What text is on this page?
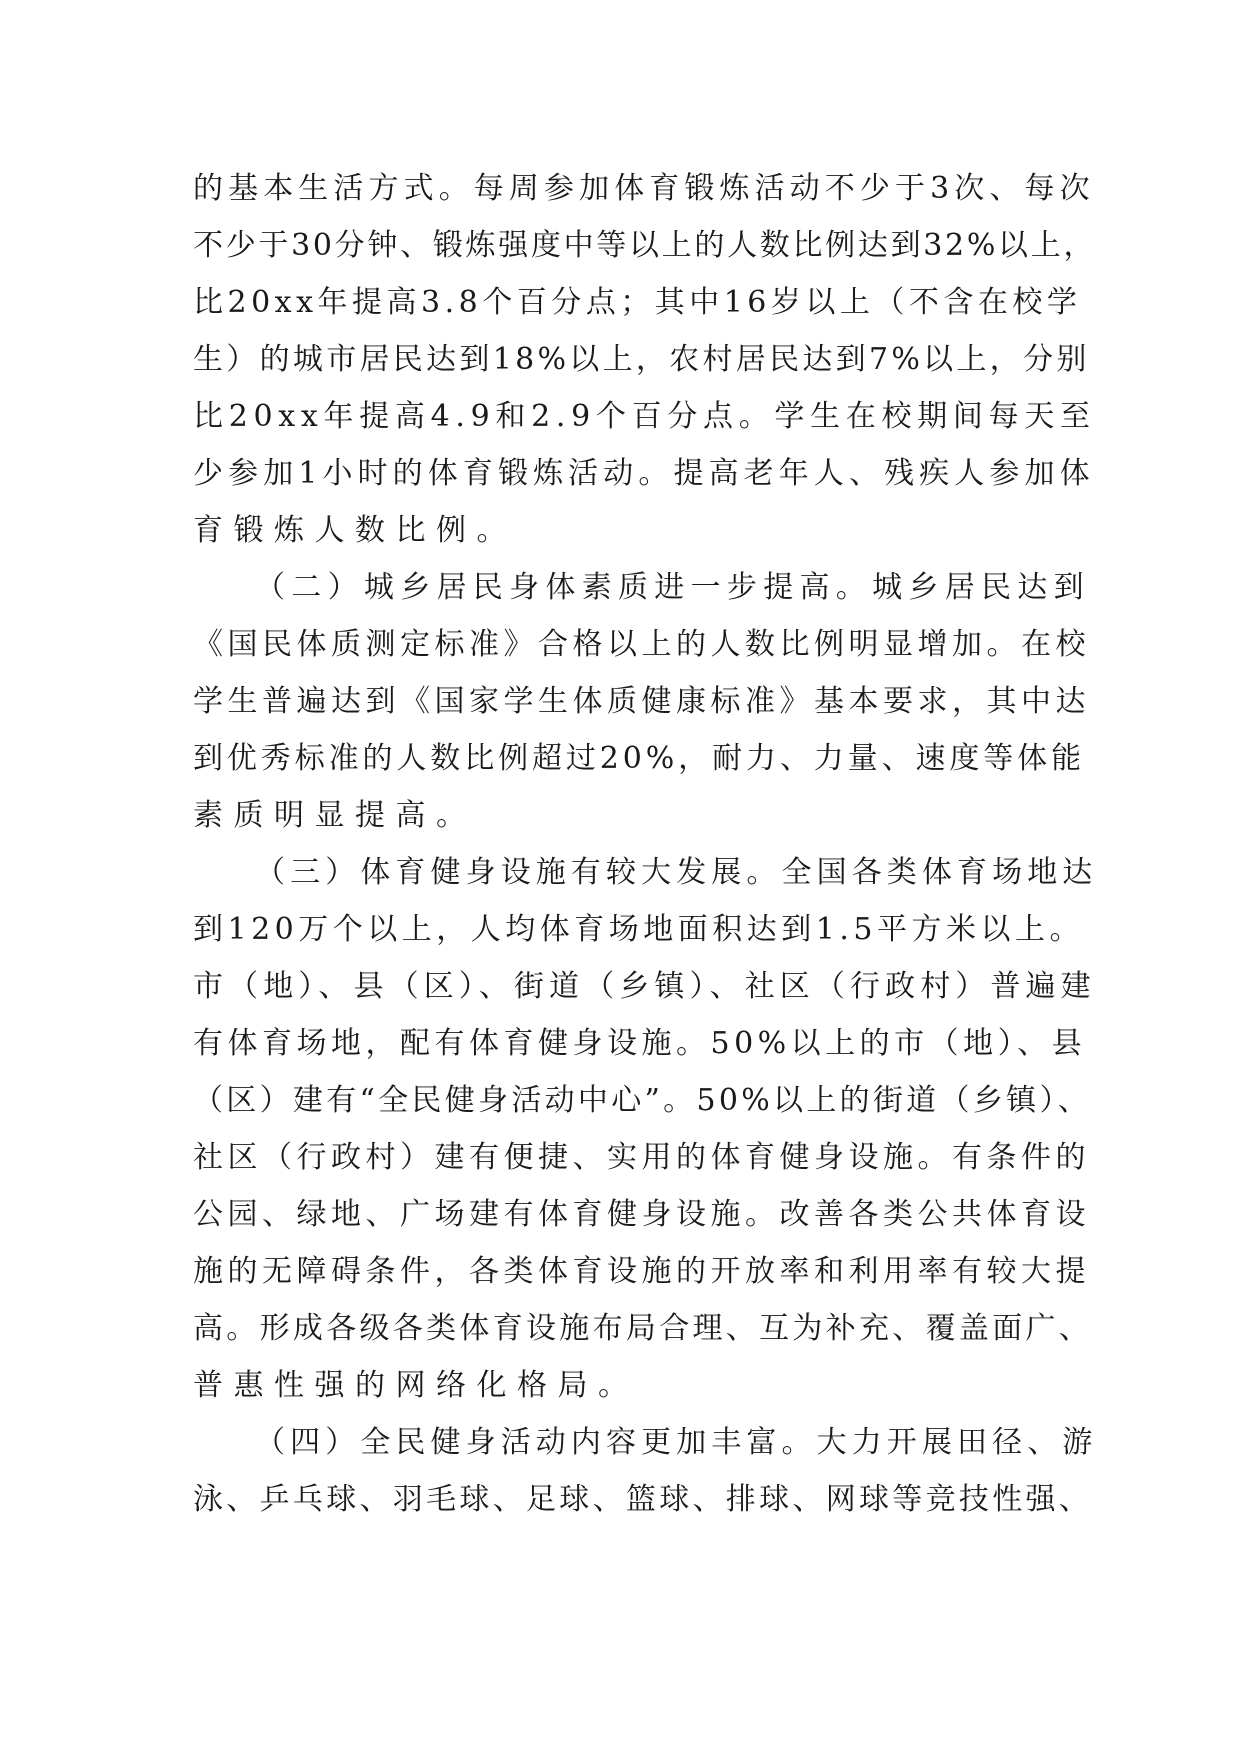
的基本生活方式。每周参加体育锻炼活动不少于3次、每次
不少于30分钟、锻炼强度中等以上的人数比例达到32%以上，
比20xx年提高3.8个百分点；其中16岁以上（不含在校学
生）的城市居民达到18%以上，农村居民达到7%以上，分别
比20xx年提高4.9和2.9个百分点。学生在校期间每天至
少参加1小时的体育锻炼活动。提高老年人、残疾人参加体
育锻炼人数比例。
（二）城乡居民身体素质进一步提高。城乡居民达到
《国民体质测定标准》合格以上的人数比例明显增加。在校
学生普遍达到《国家学生体质健康标准》基本要求，其中达
到优秀标准的人数比例超过20%，耐力、力量、速度等体能
素质明显提高。
（三）体育健身设施有较大发展。全国各类体育场地达
到120万个以上，人均体育场地面积达到1.5平方米以上。
市（地）、县（区）、街道（乡镇）、社区（行政村）普遍建
有体育场地，配有体育健身设施。50%以上的市（地）、县
（区）建有“全民健身活动中心”。50%以上的街道（乡镇）、
社区（行政村）建有便捷、实用的体育健身设施。有条件的
公园、绿地、广场建有体育健身设施。改善各类公共体育设
施的无障碍条件，各类体育设施的开放率和利用率有较大提
高。形成各级各类体育设施布局合理、互为补充、覆盖面广、
普惠性强的网络化格局。
（四）全民健身活动内容更加丰富。大力开展田径、游
泳、乒乓球、羽毛球、足球、篮球、排球、网球等竞技性强、
